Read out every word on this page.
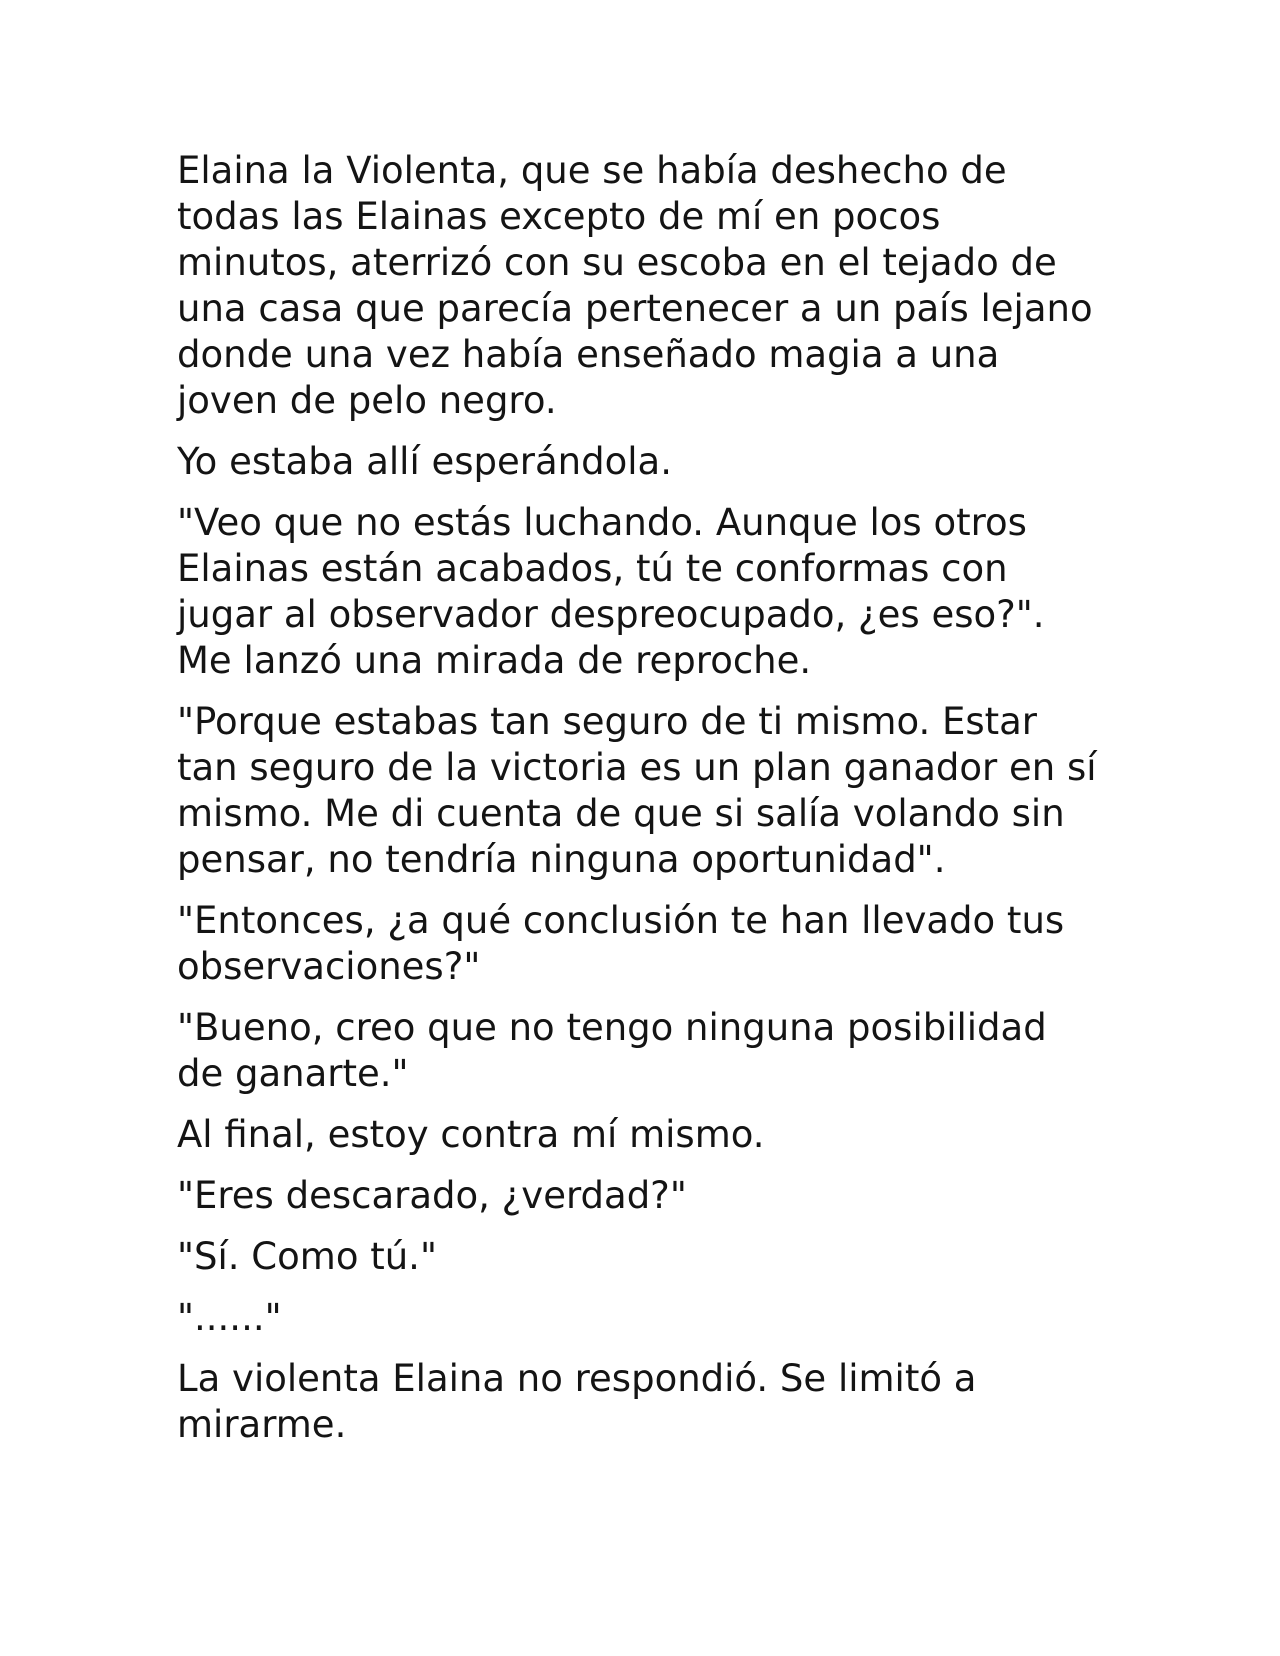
Elaina la Violenta, que se había deshecho de todas las Elainas excepto de mí en pocos minutos, aterrizó con su escoba en el tejado de una casa que parecía pertenecer a un país lejano donde una vez había enseñado magia a una joven de pelo negro.

Yo estaba allí esperándola.

"Veo que no estás luchando. Aunque los otros Elainas están acabados, tú te conformas con jugar al observador despreocupado, ¿es eso?". Me lanzó una mirada de reproche.

"Porque estabas tan seguro de ti mismo. Estar tan seguro de la victoria es un plan ganador en sí mismo. Me di cuenta de que si salía volando sin pensar, no tendría ninguna oportunidad".

"Entonces, ¿a qué conclusión te han llevado tus observaciones?"

"Bueno, creo que no tengo ninguna posibilidad de ganarte."

Al final, estoy contra mí mismo.

"Eres descarado, ¿verdad?"

"Sí. Como tú."

"......"

La violenta Elaina no respondió. Se limitó a mirarme.
